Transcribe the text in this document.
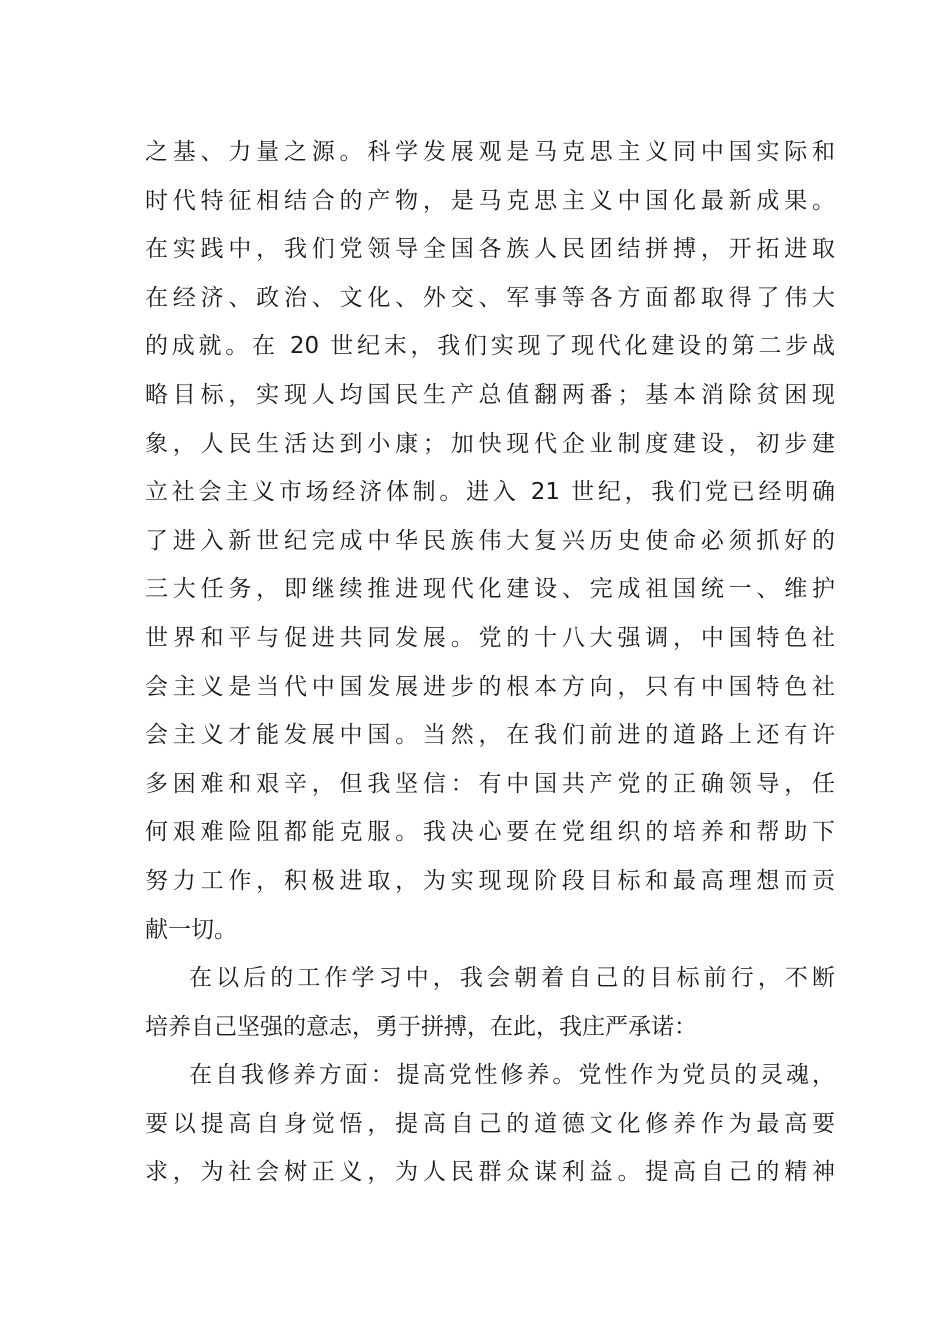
之基、力量之源。科学发展观是马克思主义同中国实际和
时代特征相结合的产物，是马克思主义中国化最新成果。
在实践中，我们党领导全国各族人民团结拼搏，开拓进取
在经济、政治、文化、外交、军事等各方面都取得了伟大
的成就。在 20 世纪末，我们实现了现代化建设的第二步战
略目标，实现人均国民生产总值翻两番；基本消除贫困现
象，人民生活达到小康；加快现代企业制度建设，初步建
立社会主义市场经济体制。进入 21 世纪，我们党已经明确
了进入新世纪完成中华民族伟大复兴历史使命必须抓好的
三大任务，即继续推进现代化建设、完成祖国统一、维护
世界和平与促进共同发展。党的十八大强调，中国特色社
会主义是当代中国发展进步的根本方向，只有中国特色社
会主义才能发展中国。当然，在我们前进的道路上还有许
多困难和艰辛，但我坚信：有中国共产党的正确领导，任
何艰难险阻都能克服。我决心要在党组织的培养和帮助下
努力工作，积极进取，为实现现阶段目标和最高理想而贡
献一切。
在以后的工作学习中，我会朝着自己的目标前行，不断
培养自己坚强的意志，勇于拼搏，在此，我庄严承诺：
在自我修养方面：提高党性修养。党性作为党员的灵魂，
要以提高自身觉悟，提高自己的道德文化修养作为最高要
求，为社会树正义，为人民群众谋利益。提高自己的精神
